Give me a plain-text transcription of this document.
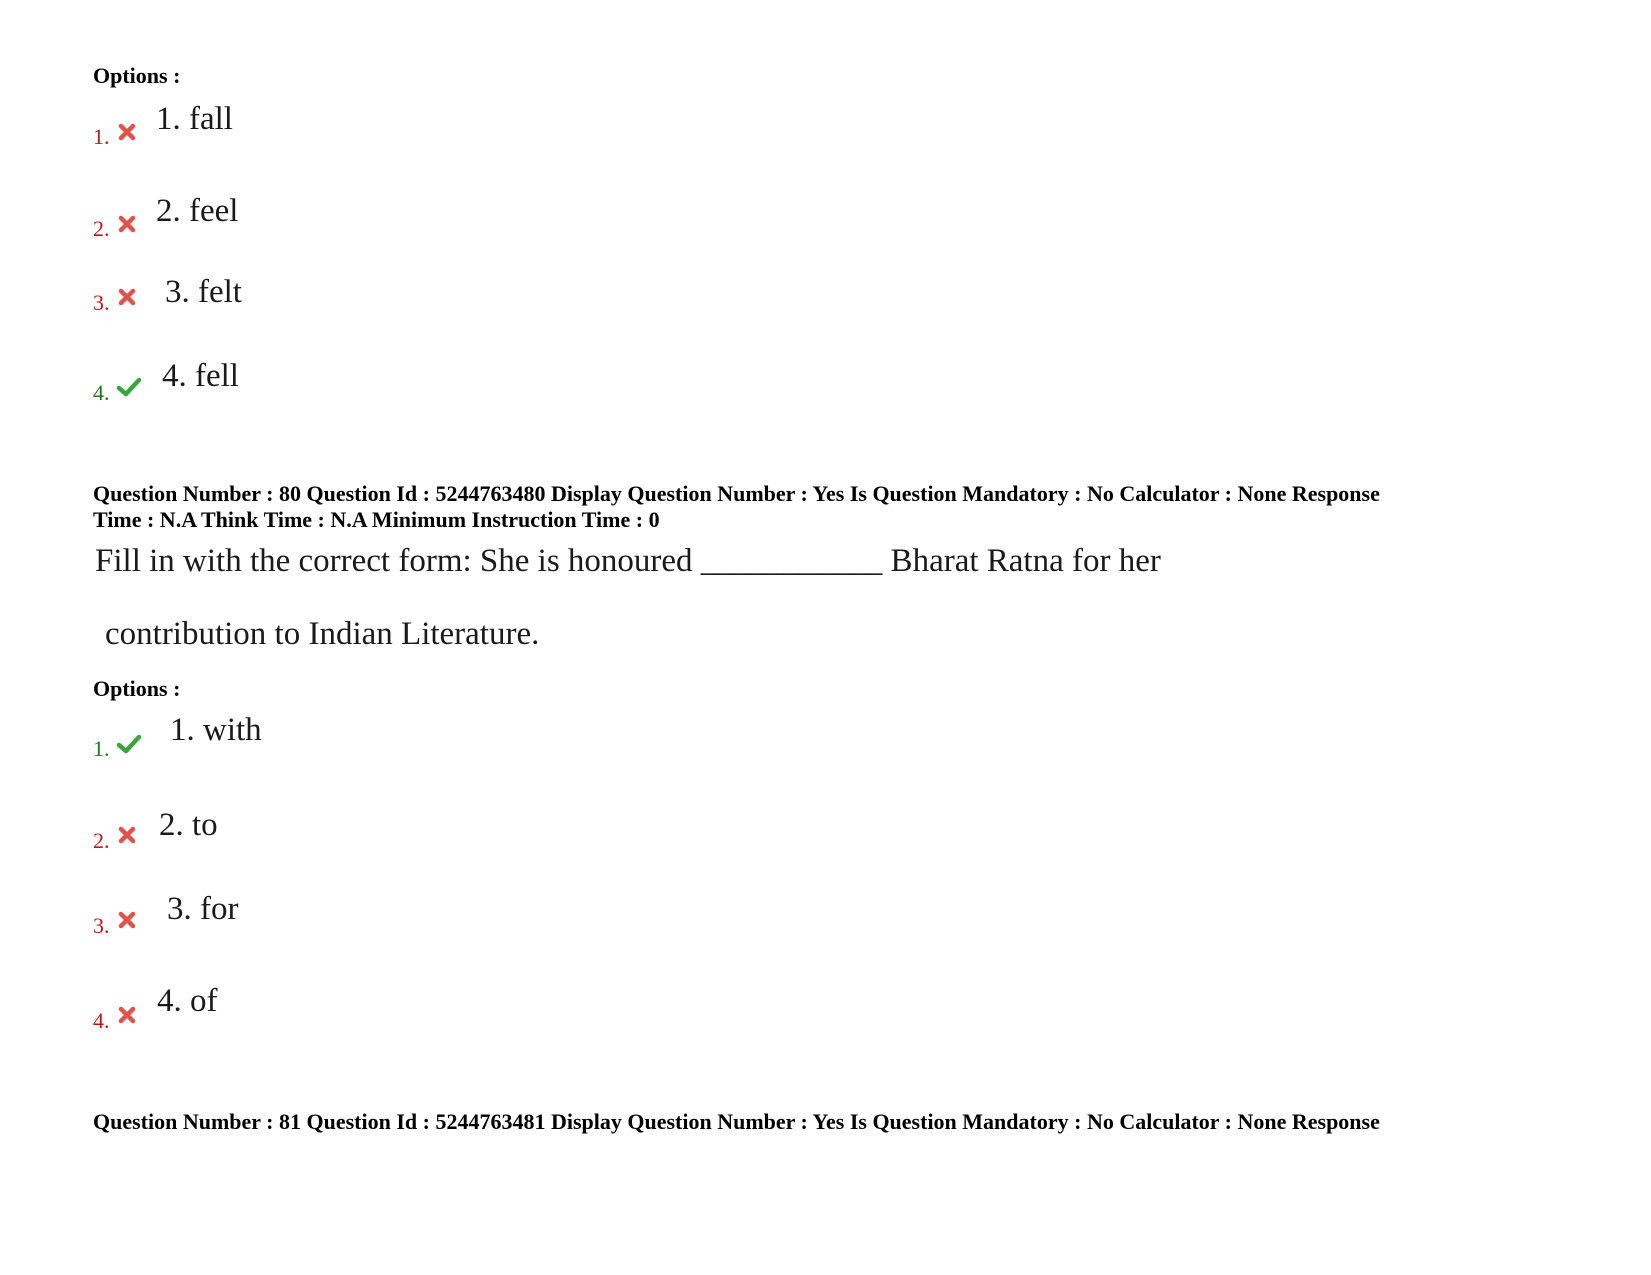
Options :
1. 1. fall
2. 2. feel
3. 3. felt
4. 4. fell
Question Number : 80 Question Id : 5244763480 Display Question Number : Yes Is Question Mandatory : No Calculator : None Response
Time : N.A Think Time : N.A Minimum Instruction Time : 0
Fill in with the correct form: She is honoured ___________ Bharat Ratna for her
contribution to Indian Literature.
Options :
1.
1. with
2. 2. to
3. 3. for
4.
4. of
Question Number : 81 Question Id : 5244763481 Display Question Number : Yes Is Question Mandatory : No Calculator : None Response
